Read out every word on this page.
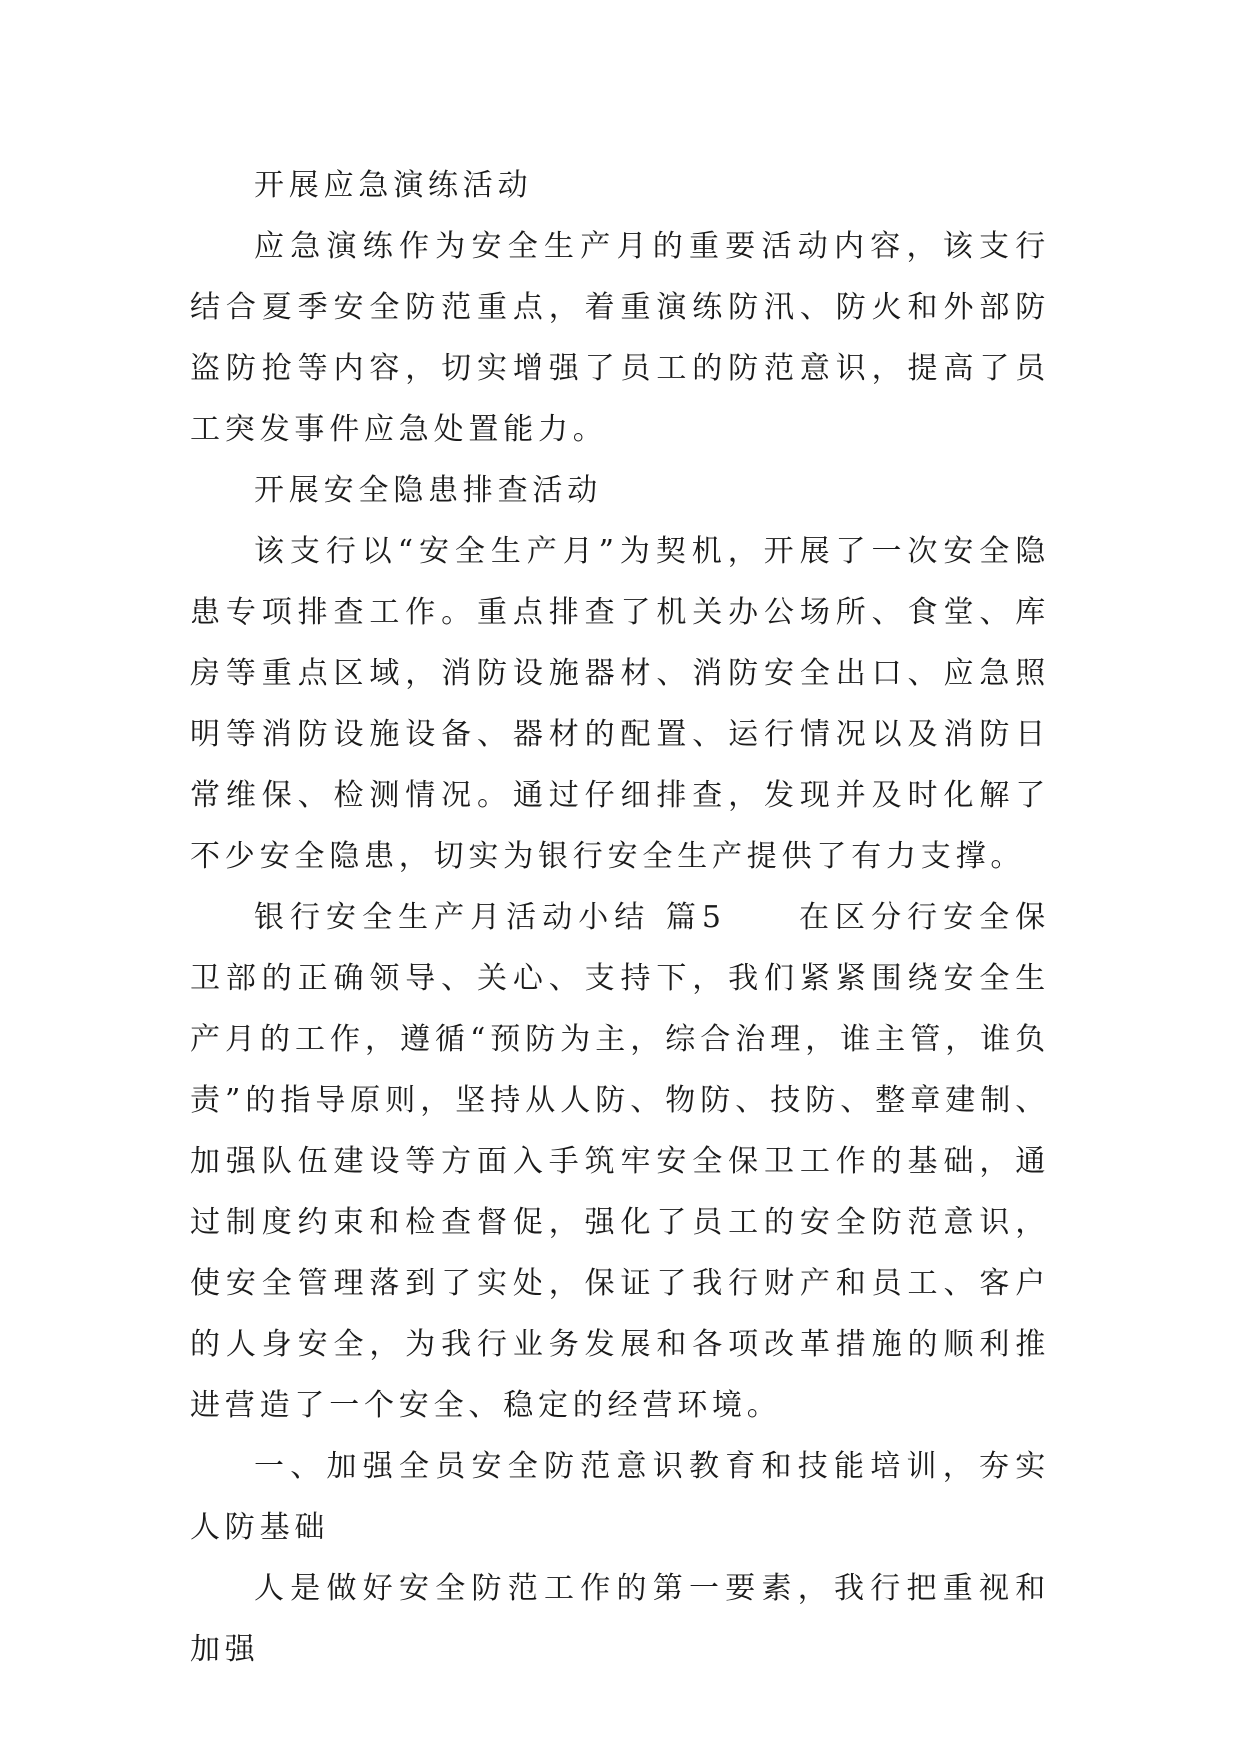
开展应急演练活动

应急演练作为安全生产月的重要活动内容，该支行结合夏季安全防范重点，着重演练防汛、防火和外部防盗防抢等内容，切实增强了员工的防范意识，提高了员工突发事件应急处置能力。

开展安全隐患排查活动

该支行以“安全生产月”为契机，开展了一次安全隐患专项排查工作。重点排查了机关办公场所、食堂、库房等重点区域，消防设施器材、消防安全出口、应急照明等消防设施设备、器材的配置、运行情况以及消防日常维保、检测情况。通过仔细排查，发现并及时化解了不少安全隐患，切实为银行安全生产提供了有力支撑。

银行安全生产月活动小结 篇5　　在区分行安全保卫部的正确领导、关心、支持下，我们紧紧围绕安全生产月的工作，遵循“预防为主，综合治理，谁主管，谁负责”的指导原则，坚持从人防、物防、技防、整章建制、加强队伍建设等方面入手筑牢安全保卫工作的基础，通过制度约束和检查督促，强化了员工的安全防范意识，使安全管理落到了实处，保证了我行财产和员工、客户的人身安全，为我行业务发展和各项改革措施的顺利推进营造了一个安全、稳定的经营环境。

一、加强全员安全防范意识教育和技能培训，夯实人防基础

人是做好安全防范工作的第一要素，我行把重视和加强
